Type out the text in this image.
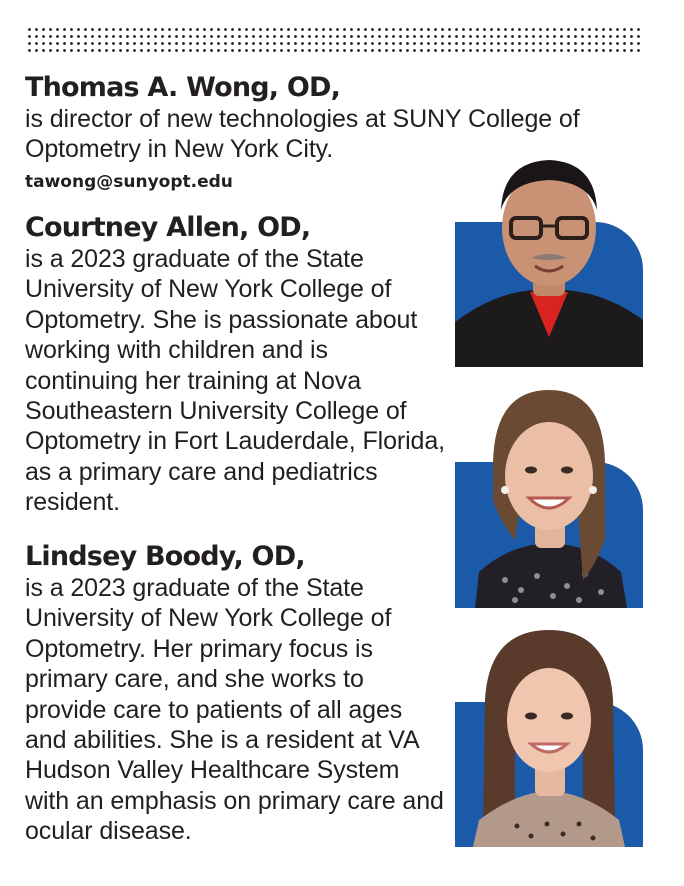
Thomas A. Wong, OD,
is director of new technologies at SUNY College of Optometry in New York City.
tawong@sunyopt.edu
Courtney Allen, OD,
is a 2023 graduate of the State University of New York College of Optometry. She is passionate about working with children and is continuing her training at Nova Southeastern University College of Optometry in Fort Lauderdale, Florida, as a primary care and pediatrics resident.
Lindsey Boody, OD,
is a 2023 graduate of the State University of New York College of Optometry. Her primary focus is primary care, and she works to provide care to patients of all ages and abilities. She is a resident at VA Hudson Valley Healthcare System with an emphasis on primary care and ocular disease.
